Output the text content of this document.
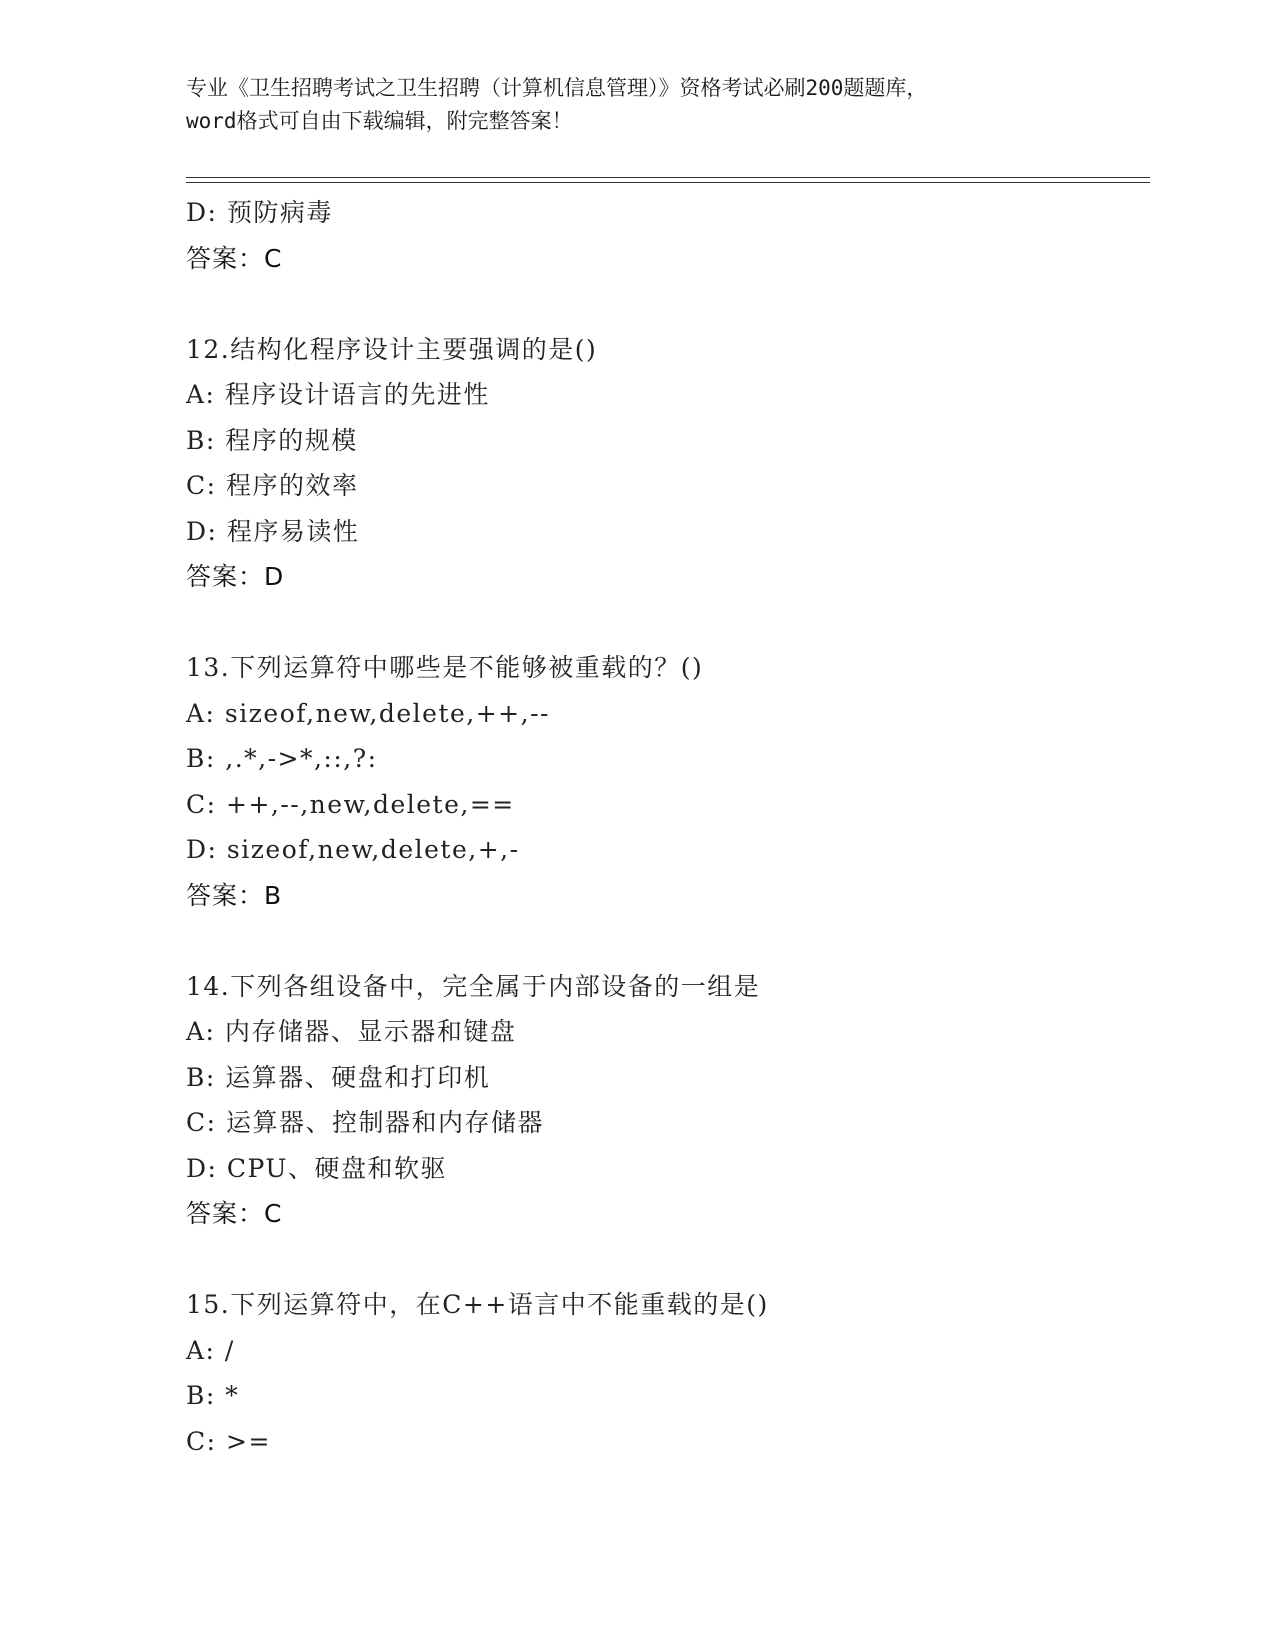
专业《卫生招聘考试之卫生招聘（计算机信息管理）》资格考试必刷200题题库，
word格式可自由下载编辑，附完整答案！
D: 预防病毒
答案：C
12.结构化程序设计主要强调的是()
A: 程序设计语言的先进性
B: 程序的规模
C: 程序的效率
D: 程序易读性
答案：D
13.下列运算符中哪些是不能够被重载的？()
A: sizeof,new,delete,++,--
B: ,.*,->*,::,?:
C: ++,--,new,delete,==
D: sizeof,new,delete,+,-
答案：B
14.下列各组设备中，完全属于内部设备的一组是
A: 内存储器、显示器和键盘
B: 运算器、硬盘和打印机
C: 运算器、控制器和内存储器
D: CPU、硬盘和软驱
答案：C
15.下列运算符中，在C++语言中不能重载的是()
A: /
B: *
C: >=
